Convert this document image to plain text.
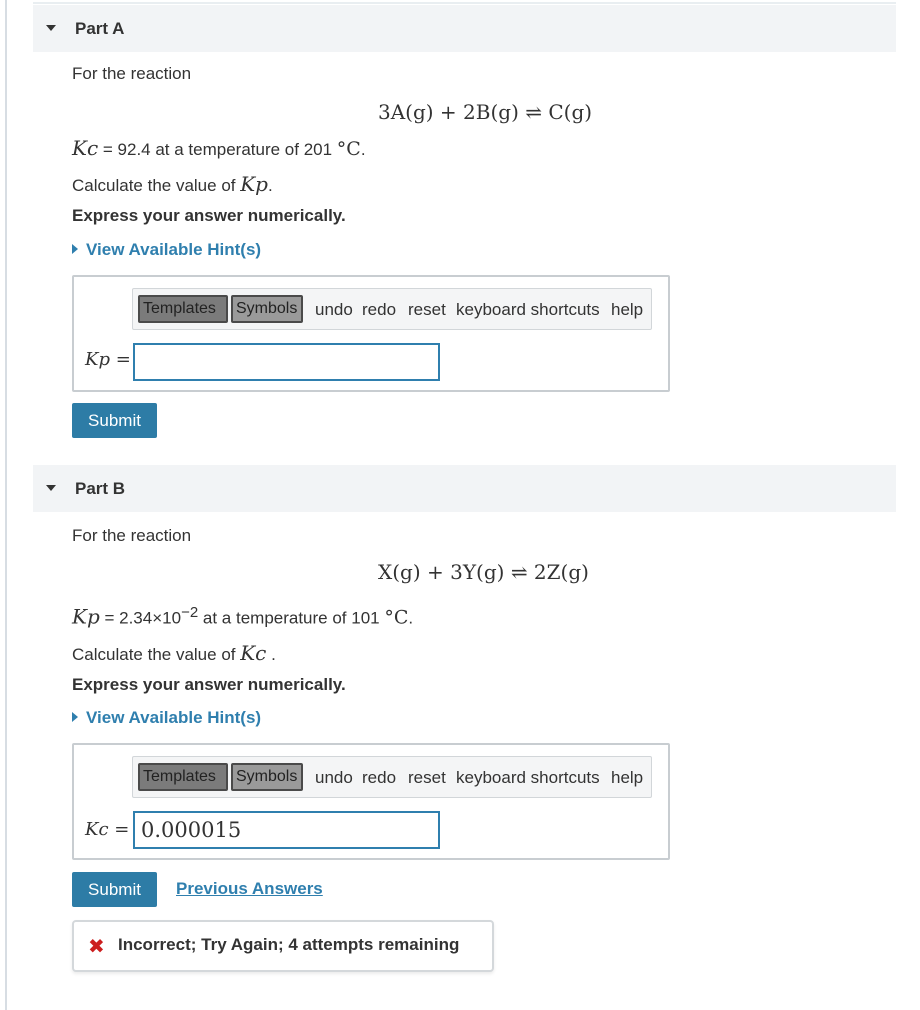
Part A
For the reaction
3A(g) + 2B(g) ⇌ C(g)
Kc = 92.4 at a temperature of 201 °C.
Calculate the value of Kp.
Express your answer numerically.
View Available Hint(s)
Templates	Symbols	undo redo reset keyboard shortcuts help
Kp =
Submit
Part B
For the reaction
X(g) + 3Y(g) ⇌ 2Z(g)
$Kp = 2.34\times 10^{-2}$ at a temperature of 101 °C.
Calculate the value of Kc .
Express your answer numerically.
View Available Hint(s)
Templates	Symbols	undo redo reset keyboard shortcuts help
Kc = 0.000015
Submit	Previous Answers
✖ Incorrect; Try Again; 4 attempts remaining
